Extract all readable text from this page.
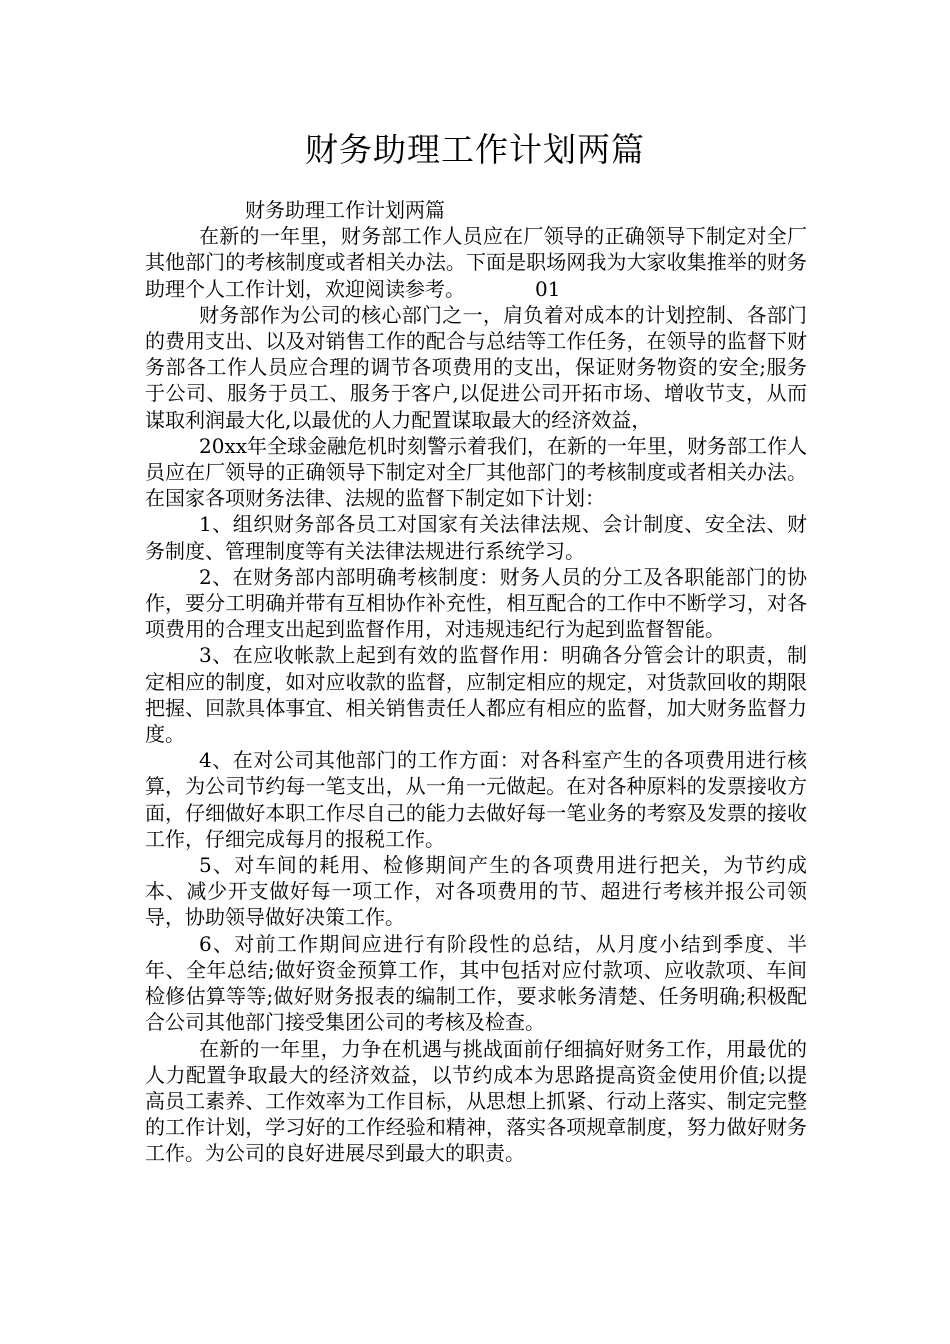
财务助理工作计划两篇

财务助理工作计划两篇

在新的一年里，财务部工作人员应在厂领导的正确领导下制定对全厂其他部门的考核制度或者相关办法。下面是职场网我为大家收集推举的财务助理个人工作计划，欢迎阅读参考。	01

财务部作为公司的核心部门之一，肩负着对成本的计划控制、各部门的费用支出、以及对销售工作的配合与总结等工作任务，在领导的监督下财务部各工作人员应合理的调节各项费用的支出，保证财务物资的安全;服务于公司、服务于员工、服务于客户,以促进公司开拓市场、增收节支，从而谋取利润最大化,以最优的人力配置谋取最大的经济效益，

20xx年全球金融危机时刻警示着我们，在新的一年里，财务部工作人员应在厂领导的正确领导下制定对全厂其他部门的考核制度或者相关办法。在国家各项财务法律、法规的监督下制定如下计划：

1、组织财务部各员工对国家有关法律法规、会计制度、安全法、财务制度、管理制度等有关法律法规进行系统学习。

2、在财务部内部明确考核制度：财务人员的分工及各职能部门的协作，要分工明确并带有互相协作补充性，相互配合的工作中不断学习，对各项费用的合理支出起到监督作用，对违规违纪行为起到监督智能。

3、在应收帐款上起到有效的监督作用：明确各分管会计的职责，制定相应的制度，如对应收款的监督，应制定相应的规定，对货款回收的期限把握、回款具体事宜、相关销售责任人都应有相应的监督，加大财务监督力度。

4、在对公司其他部门的工作方面：对各科室产生的各项费用进行核算，为公司节约每一笔支出，从一角一元做起。在对各种原料的发票接收方面，仔细做好本职工作尽自己的能力去做好每一笔业务的考察及发票的接收工作，仔细完成每月的报税工作。

5、对车间的耗用、检修期间产生的各项费用进行把关，为节约成本、减少开支做好每一项工作，对各项费用的节、超进行考核并报公司领导，协助领导做好决策工作。

6、对前工作期间应进行有阶段性的总结，从月度小结到季度、半年、全年总结;做好资金预算工作，其中包括对应付款项、应收款项、车间检修估算等等;做好财务报表的编制工作，要求帐务清楚、任务明确;积极配合公司其他部门接受集团公司的考核及检查。

在新的一年里，力争在机遇与挑战面前仔细搞好财务工作，用最优的人力配置争取最大的经济效益，以节约成本为思路提高资金使用价值;以提高员工素养、工作效率为工作目标，从思想上抓紧、行动上落实、制定完整的工作计划，学习好的工作经验和精神，落实各项规章制度，努力做好财务工作。为公司的良好进展尽到最大的职责。
